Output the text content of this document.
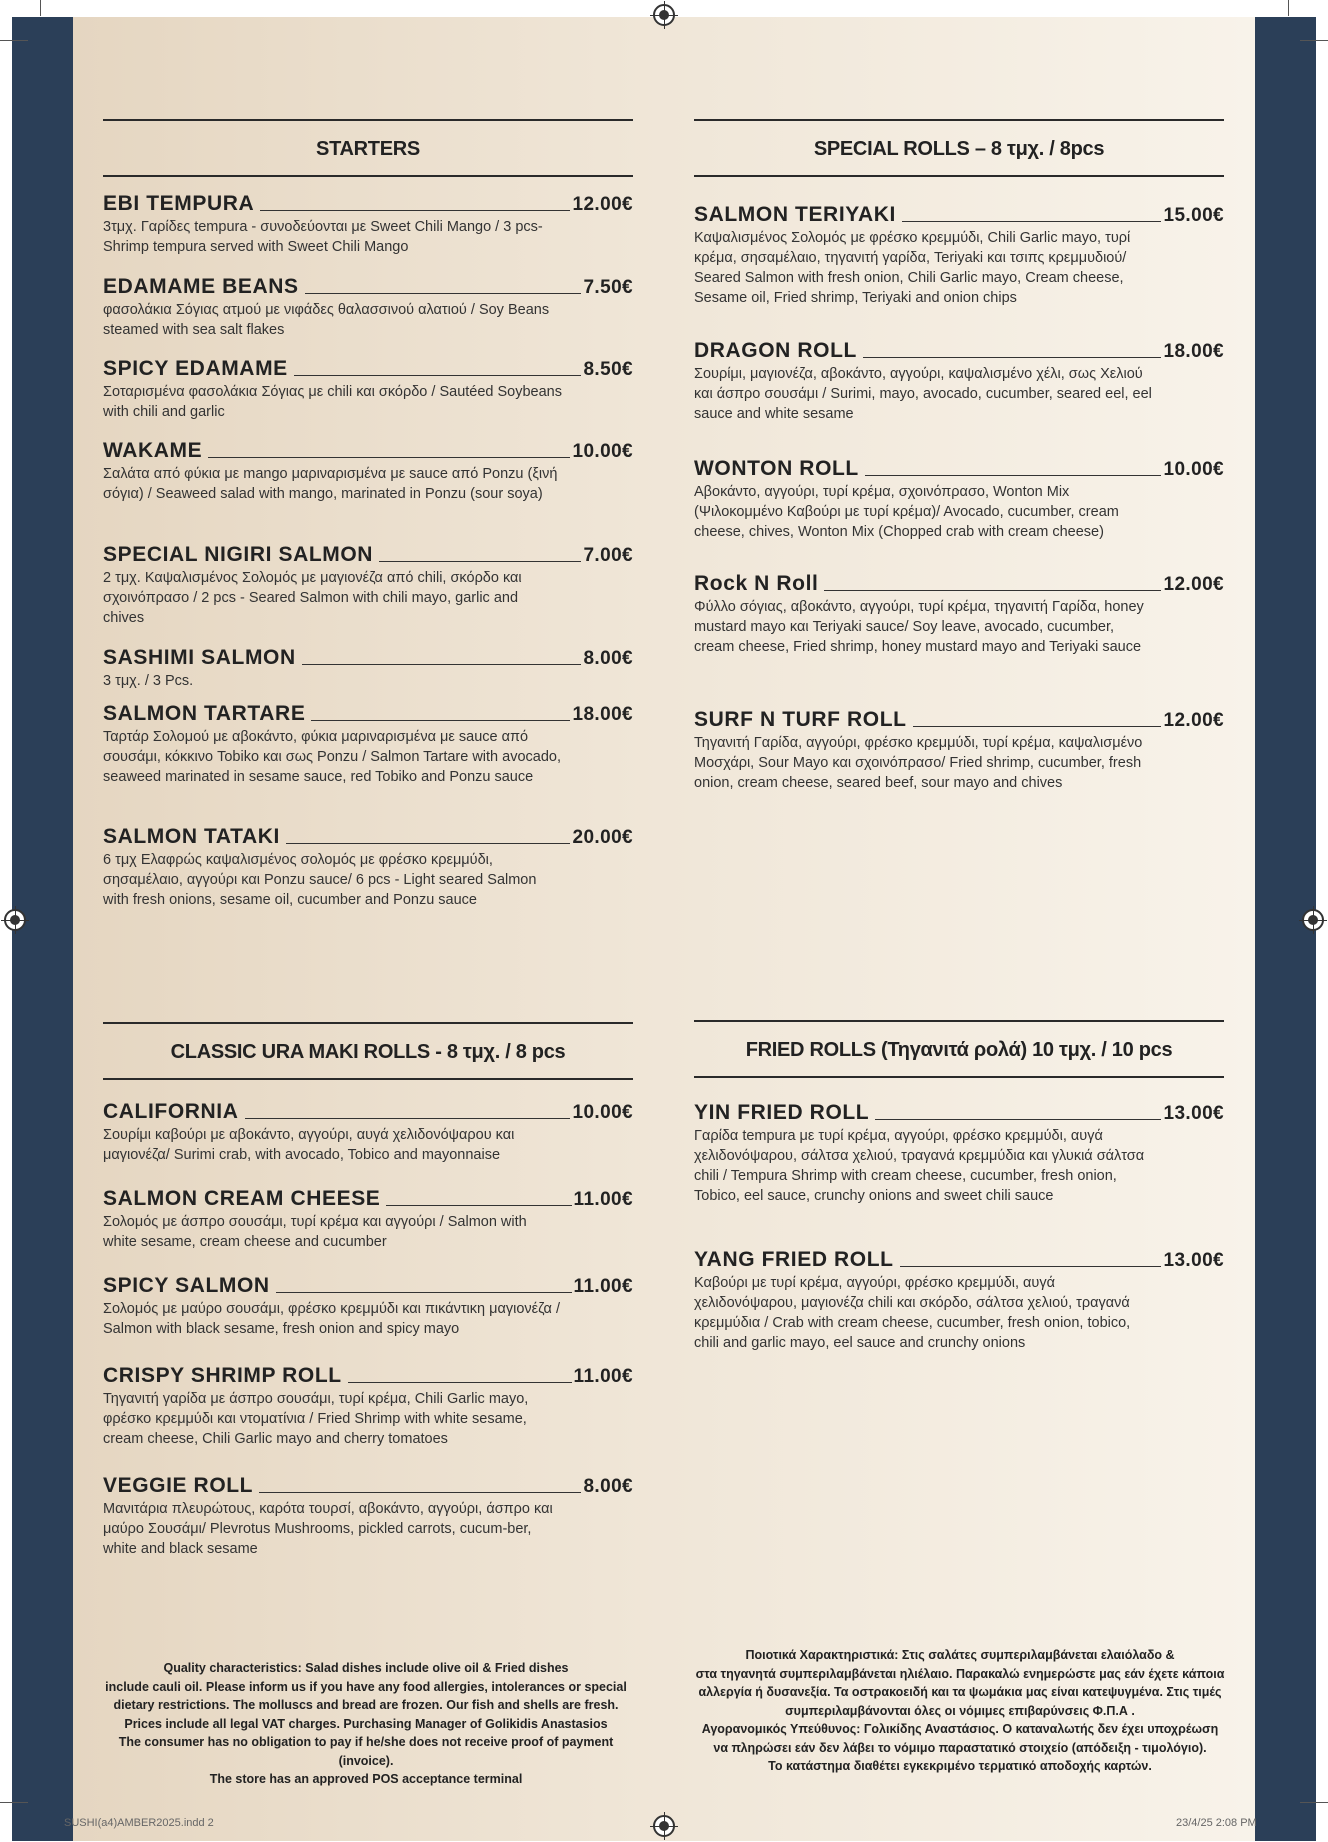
STARTERS
EBI TEMPURA	12.00€
3τμχ. Γαρίδες tempura - συνοδεύονται με Sweet Chili Mango / 3 pcs- Shrimp tempura served with Sweet Chili Mango
EDAMAME BEANS	7.50€
φασολάκια Σόγιας ατμού με νιφάδες θαλασσινού αλατιού / Soy Beans steamed with sea salt flakes
SPICY EDAMAME	8.50€
Σοταρισμένα φασολάκια Σόγιας με chili και σκόρδο / Sautéed Soybeans with chili and garlic
WAKAME	10.00€
Σαλάτα από φύκια με mango μαριναρισμένα με sauce από Ponzu (ξινή σόγια) / Seaweed salad with mango, marinated in Ponzu (sour soya)
SPECIAL NIGIRI SALMON	7.00€
2 τμχ. Καψαλισμένος Σολομός με μαγιονέζα από chili, σκόρδο και σχοινόπρασο / 2 pcs - Seared Salmon with chili mayo, garlic and chives
SASHIMI SALMON	8.00€
3 τμχ. / 3 Pcs.
SALMON TARTARE	18.00€
Ταρτάρ Σολομού με αβοκάντο, φύκια μαριναρισμένα με sauce από σουσάμι, κόκκινο Tobiko και σως Ponzu / Salmon Tartare with avocado, seaweed marinated in sesame sauce, red Tobiko and Ponzu sauce
SALMON TATAKI	20.00€
6 τμχ Ελαφρώς καψαλισμένος σολομός με φρέσκο κρεμμύδι, σησαμέλαιο, αγγούρι και Ponzu sauce/ 6 pcs - Light seared Salmon with fresh onions, sesame oil, cucumber and Ponzu sauce
SPECIAL ROLLS – 8 τμχ. / 8pcs
SALMON TERIYAKI	15.00€
Καψαλισμένος Σολομός με φρέσκο κρεμμύδι, Chili Garlic mayo, τυρί κρέμα, σησαμέλαιο, τηγανιτή γαρίδα, Teriyaki και τσιπς κρεμμυδιού/ Seared Salmon with fresh onion, Chili Garlic mayo, Cream cheese, Sesame oil, Fried shrimp, Teriyaki and onion chips
DRAGON ROLL	18.00€
Σουρίμι, μαγιονέζα, αβοκάντο, αγγούρι, καψαλισμένο χέλι, σως Χελιού και άσπρο σουσάμι / Surimi, mayo, avocado, cucumber, seared eel, eel sauce and white sesame
WONTON ROLL	10.00€
Αβοκάντο, αγγούρι, τυρί κρέμα, σχοινόπρασο, Wonton Mix (Ψιλοκομμένο Καβούρι με τυρί κρέμα)/ Avocado, cucumber, cream cheese, chives, Wonton Mix (Chopped crab with cream cheese)
Rock N Roll	12.00€
Φύλλο σόγιας, αβοκάντο, αγγούρι, τυρί κρέμα, τηγανιτή Γαρίδα, honey mustard mayo και Teriyaki sauce/ Soy leave, avocado, cucumber, cream cheese, Fried shrimp, honey mustard mayo and Teriyaki sauce
SURF N TURF ROLL	12.00€
Τηγανιτή Γαρίδα, αγγούρι, φρέσκο κρεμμύδι, τυρί κρέμα, καψαλισμένο Μοσχάρι, Sour Mayo και σχοινόπρασο/ Fried shrimp, cucumber, fresh onion, cream cheese, seared beef, sour mayo and chives
CLASSIC URA MAKI ROLLS - 8 τμχ. / 8 pcs
CALIFORNIA	10.00€
Σουρίμι καβούρι με αβοκάντο, αγγούρι, αυγά χελιδονόψαρου και μαγιονέζα/ Surimi crab, with avocado, Tobico and mayonnaise
SALMON CREAM CHEESE	11.00€
Σολομός με άσπρο σουσάμι, τυρί κρέμα και αγγούρι / Salmon with white sesame, cream cheese and cucumber
SPICY SALMON	11.00€
Σολομός με μαύρο σουσάμι, φρέσκο κρεμμύδι και πικάντικη μαγιονέζα / Salmon with black sesame, fresh onion and spicy mayo
CRISPY SHRIMP ROLL	11.00€
Τηγανιτή γαρίδα με άσπρο σουσάμι, τυρί κρέμα, Chili Garlic mayo, φρέσκο κρεμμύδι και ντοματίνια / Fried Shrimp with white sesame, cream cheese, Chili Garlic mayo and cherry tomatoes
VEGGIE ROLL	8.00€
Μανιτάρια πλευρώτους, καρότα τουρσί, αβοκάντο, αγγούρι, άσπρο και μαύρο Σουσάμι/ Plevrotus Mushrooms, pickled carrots, cucum-ber, white and black sesame
FRIED ROLLS (Τηγανιτά ρολά) 10 τμχ. / 10 pcs
YIN FRIED ROLL	13.00€
Γαρίδα tempura με τυρί κρέμα, αγγούρι, φρέσκο κρεμμύδι, αυγά χελιδονόψαρου, σάλτσα χελιού, τραγανά κρεμμύδια και γλυκιά σάλτσα chili / Tempura Shrimp with cream cheese, cucumber, fresh onion, Tobico, eel sauce, crunchy onions and sweet chili sauce
YANG FRIED ROLL	13.00€
Καβούρι με τυρί κρέμα, αγγούρι, φρέσκο κρεμμύδι, αυγά χελιδονόψαρου, μαγιονέζα chili και σκόρδο, σάλτσα χελιού, τραγανά κρεμμύδια / Crab with cream cheese, cucumber, fresh onion, tobico, chili and garlic mayo, eel sauce and crunchy onions
Quality characteristics: Salad dishes include olive oil & Fried dishes
include cauli oil. Please inform us if you have any food allergies, intolerances or special
dietary restrictions. The molluscs and bread are frozen. Our fish and shells are fresh.
Prices include all legal VAT charges. Purchasing Manager of Golikidis Anastasios
The consumer has no obligation to pay if he/she does not receive proof of payment (invoice).
The store has an approved POS acceptance terminal
Ποιοτικά Χαρακτηριστικά: Στις σαλάτες συμπεριλαμβάνεται ελαιόλαδο &
στα τηγανητά συμπεριλαμβάνεται ηλιέλαιο. Παρακαλώ ενημερώστε μας εάν έχετε κάποια
αλλεργία ή δυσανεξία. Τα οστρακοειδή και τα ψωμάκια μας είναι κατεψυγμένα. Στις τιμές
συμπεριλαμβάνονται όλες οι νόμιμες επιβαρύνσεις Φ.Π.Α .
Αγορανομικός Υπεύθυνος: Γολικίδης Αναστάσιος. Ο καταναλωτής δεν έχει υποχρέωση
να πληρώσει εάν δεν λάβει το νόμιμο παραστατικό στοιχείο (απόδειξη - τιμολόγιο).
Το κατάστημα διαθέτει εγκεκριμένο τερματικό αποδοχής καρτών.
SUSHI(a4)AMBER2025.indd 2	23/4/25 2:08 PM
